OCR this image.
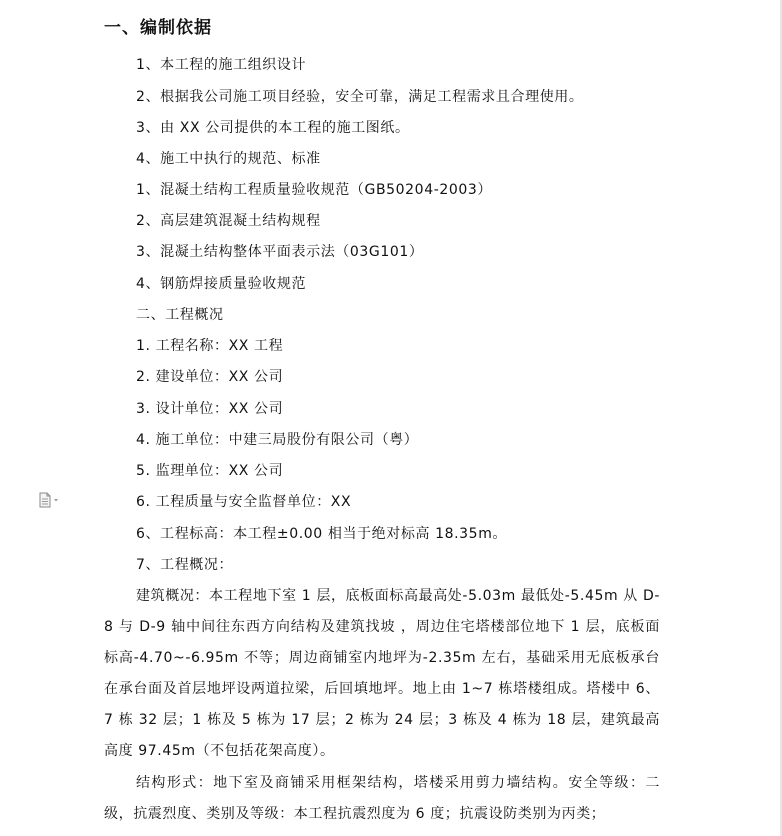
一、编制依据
1、本工程的施工组织设计
2、根据我公司施工项目经验，安全可靠，满足工程需求且合理使用。
3、由 XX 公司提供的本工程的施工图纸。
4、施工中执行的规范、标准
1、混凝土结构工程质量验收规范（GB50204-2003）
2、高层建筑混凝土结构规程
3、混凝土结构整体平面表示法（03G101）
4、钢筋焊接质量验收规范
二、工程概况
1. 工程名称：XX 工程
2. 建设单位：XX 公司
3. 设计单位：XX 公司
4. 施工单位：中建三局股份有限公司（粤）
5. 监理单位：XX 公司
6. 工程质量与安全监督单位：XX
6、工程标高：本工程±0.00 相当于绝对标高 18.35m。
7、工程概况：
建筑概况：本工程地下室 1 层，底板面标高最高处-5.03m 最低处-5.45m 从 D-8 与 D-9 轴中间往东西方向结构及建筑找坡 ，周边住宅塔楼部位地下 1 层，底板面标高-4.70~-6.95m 不等；周边商铺室内地坪为-2.35m 左右，基础采用无底板承台在承台面及首层地坪设两道拉梁，后回填地坪。地上由 1~7 栋塔楼组成。塔楼中 6、7 栋 32 层；1 栋及 5 栋为 17 层；2 栋为 24 层；3 栋及 4 栋为 18 层，建筑最高高度 97.45m（不包括花架高度）。
结构形式：地下室及商铺采用框架结构，塔楼采用剪力墙结构。安全等级：二级，抗震烈度、类别及等级：本工程抗震烈度为 6 度；抗震设防类别为丙类；
